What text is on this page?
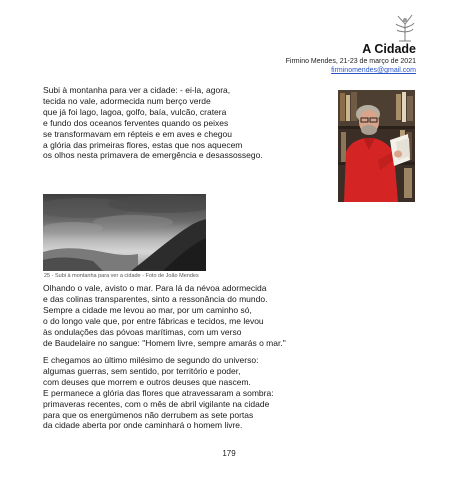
A Cidade
Firmino Mendes, 21-23 de março de 2021
firminomendes@gmail.com
Subi à montanha para ver a cidade: - ei-la, agora,
tecida no vale, adormecida num berço verde
que já foi lago, lagoa, golfo, baía, vulcão, cratera
e fundo dos oceanos ferventes quando os peixes
se transformavam em répteis e em aves e chegou
a glória das primeiras flores, estas que nos aquecem
os olhos nesta primavera de emergência e desassossego.
25 - Subi à montanha para ver a cidade - Foto de João Mendes
Olhando o vale, avisto o mar. Para lá da névoa adormecida
e das colinas transparentes, sinto a ressonância do mundo.
Sempre a cidade me levou ao mar, por um caminho só,
o do longo vale que, por entre fábricas e tecidos, me levou
às ondulações das póvoas marítimas, com um verso
de Baudelaire no sangue: "Homem livre, sempre amarás o mar."
E chegamos ao último milésimo de segundo do universo:
algumas guerras, sem sentido, por território e poder,
com deuses que morrem e outros deuses que nascem.
E permanece a glória das flores que atravessaram a sombra:
primaveras recentes, com o mês de abril vigilante na cidade
para que os energúmenos não derrubem as sete portas
da cidade aberta por onde caminhará o homem livre.
179
